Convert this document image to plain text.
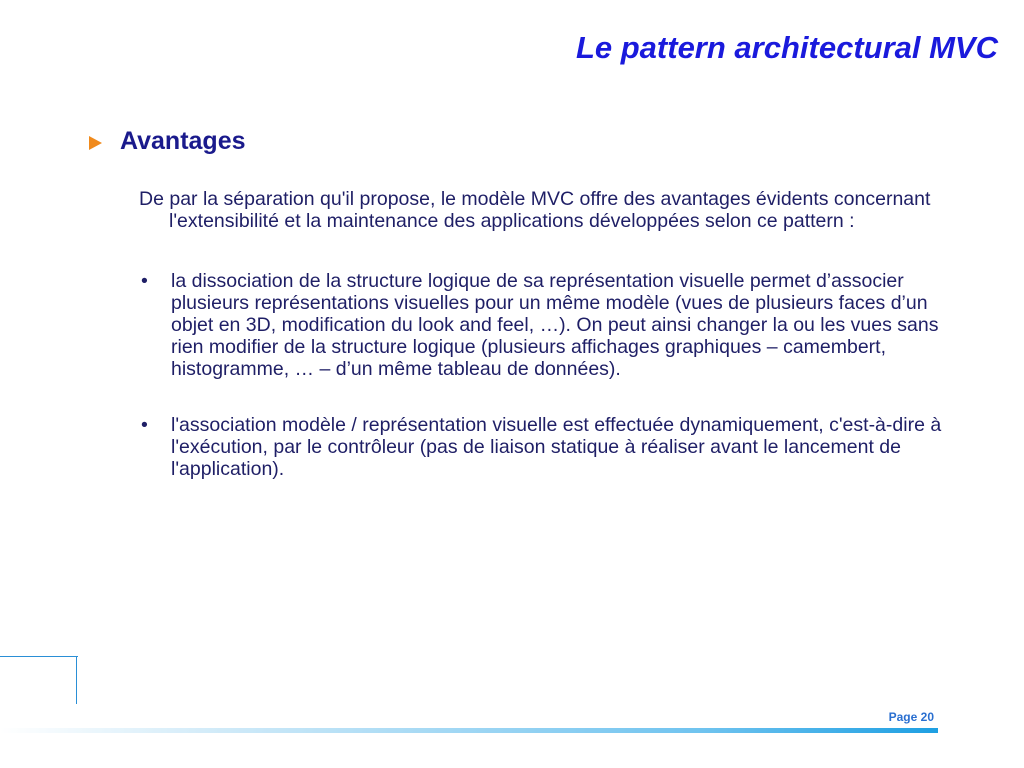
Le pattern architectural MVC
Avantages

De par la séparation qu'il propose, le modèle MVC offre des avantages évidents concernant l'extensibilité et la maintenance des applications développées selon ce pattern :

• la dissociation de la structure logique de sa représentation visuelle permet d’associer plusieurs représentations visuelles pour un même modèle (vues de plusieurs faces d’un objet en 3D, modification du look and feel, …). On peut ainsi changer la ou les vues sans rien modifier de la structure logique (plusieurs affichages graphiques – camembert, histogramme, … – d’un même tableau de données).
• l'association modèle / représentation visuelle est effectuée dynamiquement, c'est-à-dire à l'exécution, par le contrôleur (pas de liaison statique à réaliser avant le lancement de l'application).
Page 20
